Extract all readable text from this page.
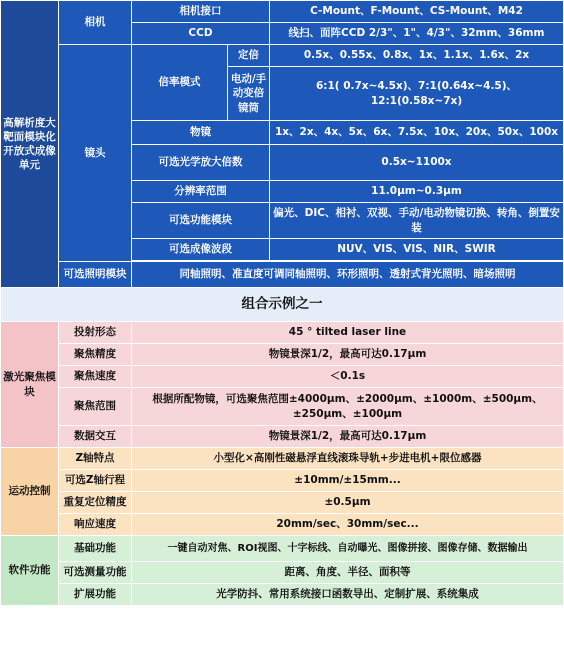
高解析度大靶面模块化开放式成像单元	相机	相机接口		C-Mount、F-Mount、CS-Mount、M42
		CCD		线扫、面阵CCD 2/3"、1"、4/3"、32mm、36mm
	镜头	倍率模式	定倍	0.5x、0.55x、0.8x、1x、1.1x、1.6x、2x
			电动/手动变倍镜筒	6:1( 0.7x~4.5x)、7:1(0.64x~4.5)、12:1(0.58x~7x)
		物镜		1x、2x、4x、5x、6x、7.5x、10x、20x、50x、100x
		可选光学放大倍数		0.5x~1100x
		分辨率范围		11.0μm~0.3μm
		可选功能模块		偏光、DIC、相衬、双视、手动/电动物镜切换、转角、倒置安装
		可选成像波段		NUV、VIS、VIS、NIR、SWIR

	可选照明模块	同轴照明、准直度可调同轴照明、环形照明、透射式背光照明、暗场照明		
组合示例之一				
激光聚焦模块	投射形态	45 ° tilted laser line		
	聚焦精度	物镜景深1/2，最高可达0.17μm		
	聚焦速度	＜0.1s		
	聚焦范围	根据所配物镜，可选聚焦范围±4000μm、±2000μm、±1000m、±500μm、±250μm、±100μm		
	数据交互	物镜景深1/2，最高可达0.17μm		
运动控制	Z轴特点	小型化×高刚性磁悬浮直线滚珠导轨+步进电机+限位感器		
	可选Z轴行程	±10mm/±15mm...		
	重复定位精度	±0.5μm		
	响应速度	20mm/sec、30mm/sec...		
软件功能	基础功能	一键自动对焦、ROI视图、十字标线、自动曝光、图像拼接、图像存储、数据输出		
	可选测量功能	距离、角度、半径、面积等		
	扩展功能	光学防抖、常用系统接口函数导出、定制扩展、系统集成		
